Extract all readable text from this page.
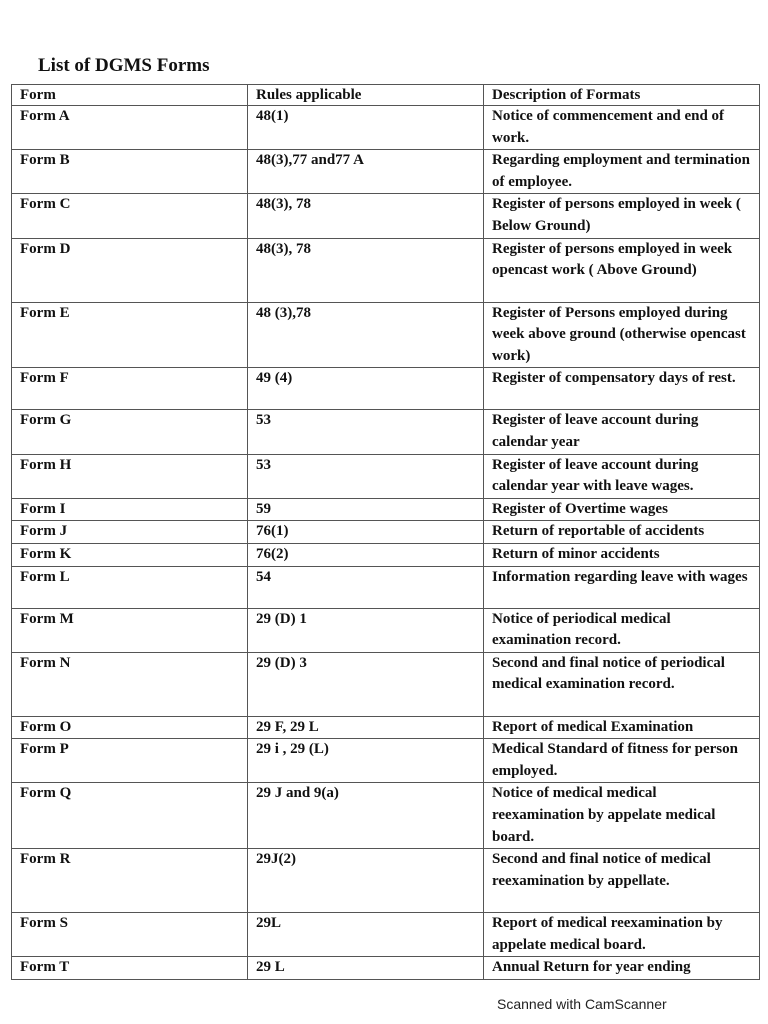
List of DGMS Forms
Form	Rules applicable	Description of Formats
Form A	48(1)	Notice of commencement and end of work.
Form B	48(3),77 and77 A	Regarding employment and termination of employee.
Form C	48(3), 78	Register of persons employed in week ( Below Ground)
Form D	48(3), 78	Register of persons employed in week opencast work ( Above Ground)
Form E	48 (3),78	Register of Persons employed during week above ground (otherwise opencast work)
Form F	49 (4)	Register of compensatory days of rest.
Form G	53	Register of leave account during calendar year
Form H	53	Register of leave account during calendar year with leave wages.
Form I	59	Register of Overtime wages
Form J	76(1)	Return of reportable of accidents
Form K	76(2)	Return of minor accidents
Form L	54	Information regarding leave with wages
Form M	29 (D) 1	Notice of periodical medical examination record.
Form N	29 (D) 3	Second and final notice of periodical medical examination record.
Form O	29 F, 29 L	Report of medical Examination
Form P	29 i , 29 (L)	Medical Standard of fitness for person employed.
Form Q	29 J and 9(a)	Notice of medical medical reexamination by appelate medical board.
Form R	29J(2)	Second and final notice of medical reexamination by appellate.
Form S	29L	Report of medical reexamination by appelate medical board.
Form T	29 L	Annual Return for year ending
Scanned with CamScanner
